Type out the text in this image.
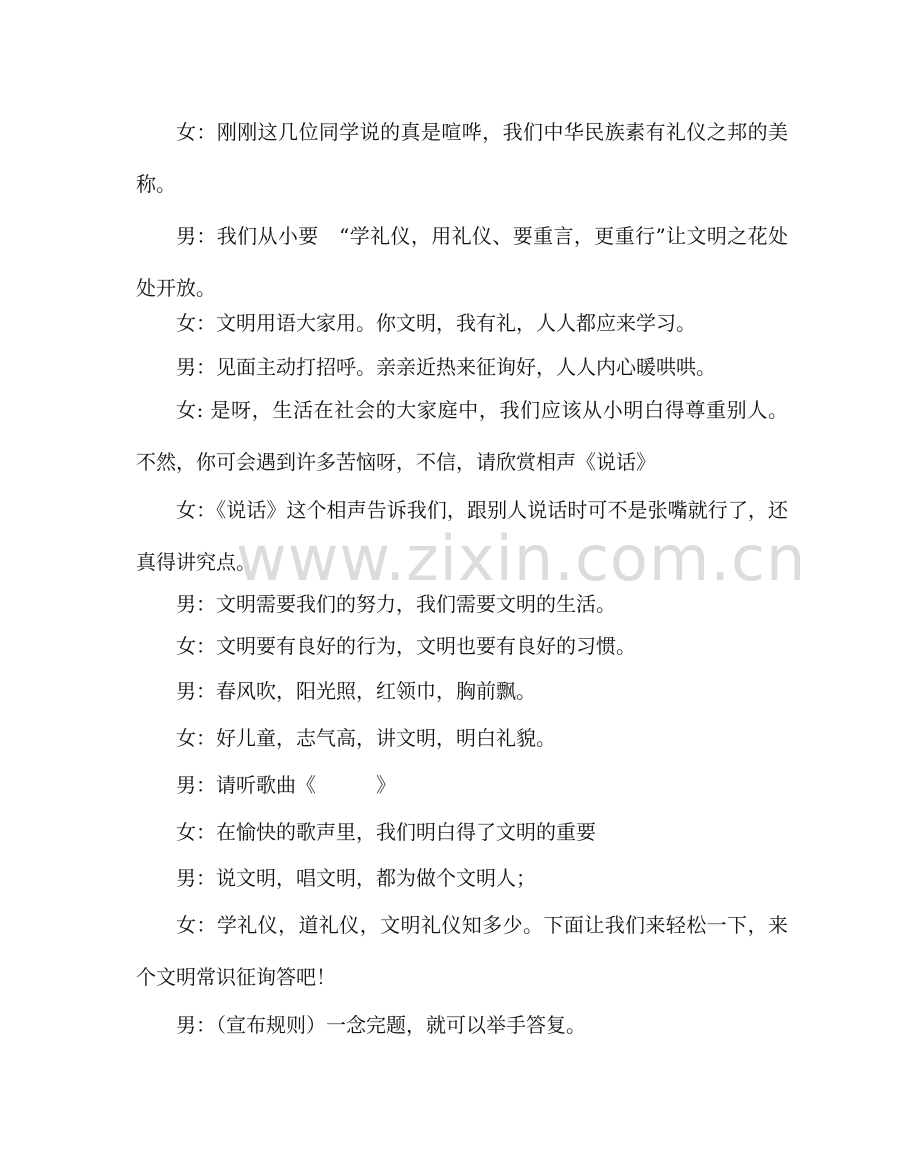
女：刚刚这几位同学说的真是喧哗，我们中华民族素有礼仪之邦的美称。

男：我们从小要　“学礼仪，用礼仪、要重言，更重行”让文明之花处处开放。

女：文明用语大家用。你文明，我有礼，人人都应来学习。

男：见面主动打招呼。亲亲近热来征询好，人人内心暖哄哄。

女: 是呀，生活在社会的大家庭中，我们应该从小明白得尊重别人。不然，你可会遇到许多苦恼呀，不信，请欣赏相声《说话》

女：《说话》这个相声告诉我们，跟别人说话时可不是张嘴就行了，还真得讲究点。

男：文明需要我们的努力，我们需要文明的生活。

女：文明要有良好的行为，文明也要有良好的习惯。

男：春风吹，阳光照，红领巾，胸前飘。

女：好儿童，志气高，讲文明，明白礼貌。

男：请听歌曲《　　　》

女：在愉快的歌声里，我们明白得了文明的重要

男：说文明，唱文明，都为做个文明人；

女：学礼仪，道礼仪，文明礼仪知多少。下面让我们来轻松一下，来个文明常识征询答吧！

男：（宣布规则）一念完题，就可以举手答复。

www.zixin.com.cn
